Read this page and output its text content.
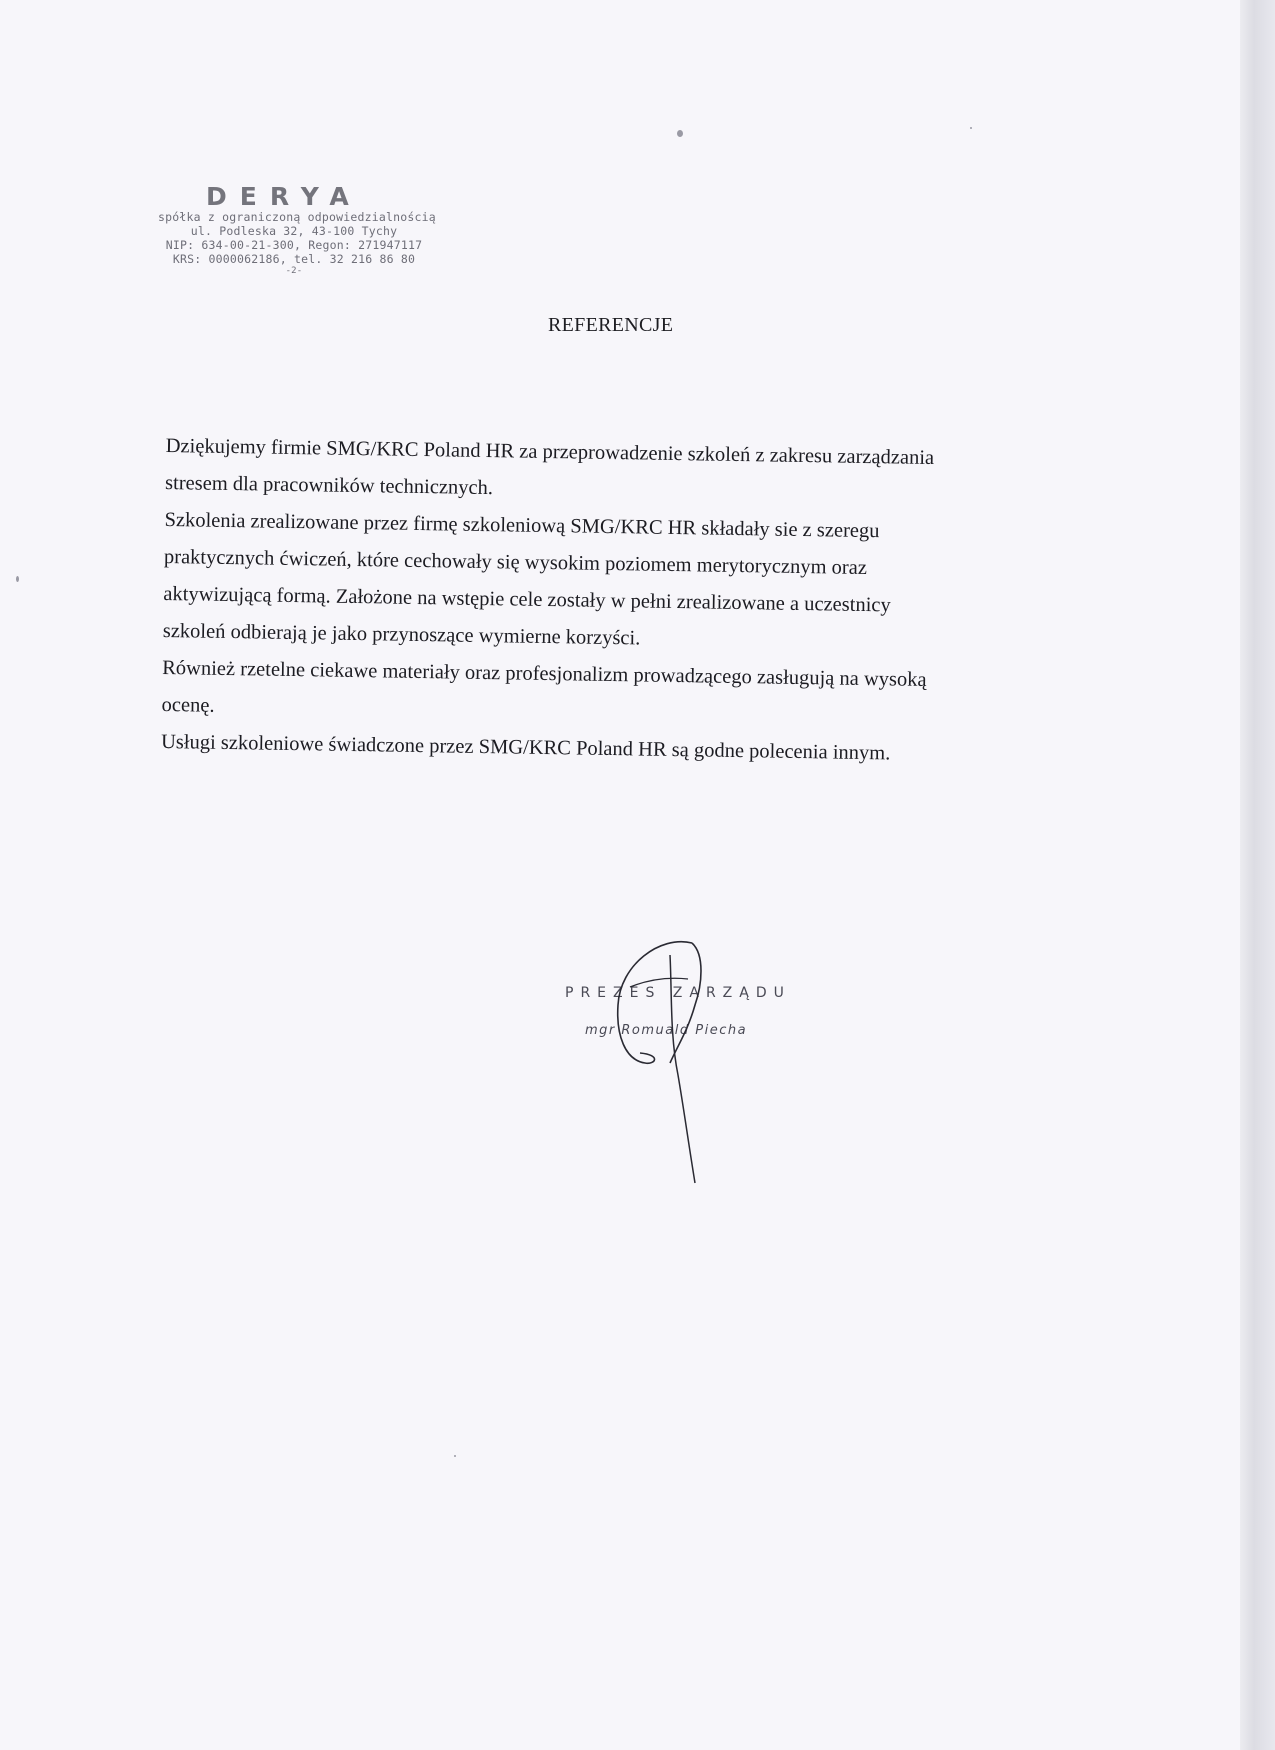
DERYA
spółka z ograniczoną odpowiedzialnością
ul. Podleska 32, 43-100 Tychy
NIP: 634-00-21-300, Regon: 271947117
KRS: 0000062186, tel. 32 216 86 80
-2-
REFERENCJE

Dziękujemy firmie SMG/KRC Poland HR za przeprowadzenie szkoleń z zakresu zarządzania

stresem dla pracowników technicznych.

Szkolenia zrealizowane przez firmę szkoleniową SMG/KRC HR składały sie z szeregu

praktycznych ćwiczeń, które cechowały się wysokim poziomem merytorycznym oraz

aktywizującą formą. Założone na wstępie cele zostały w pełni zrealizowane a uczestnicy

szkoleń odbierają je jako przynoszące wymierne korzyści.

Również rzetelne ciekawe materiały oraz profesjonalizm prowadzącego zasługują na wysoką

ocenę.

Usługi szkoleniowe świadczone przez SMG/KRC Poland HR są godne polecenia innym.

PREZES ZARZĄDU
mgr Romuald Piecha
